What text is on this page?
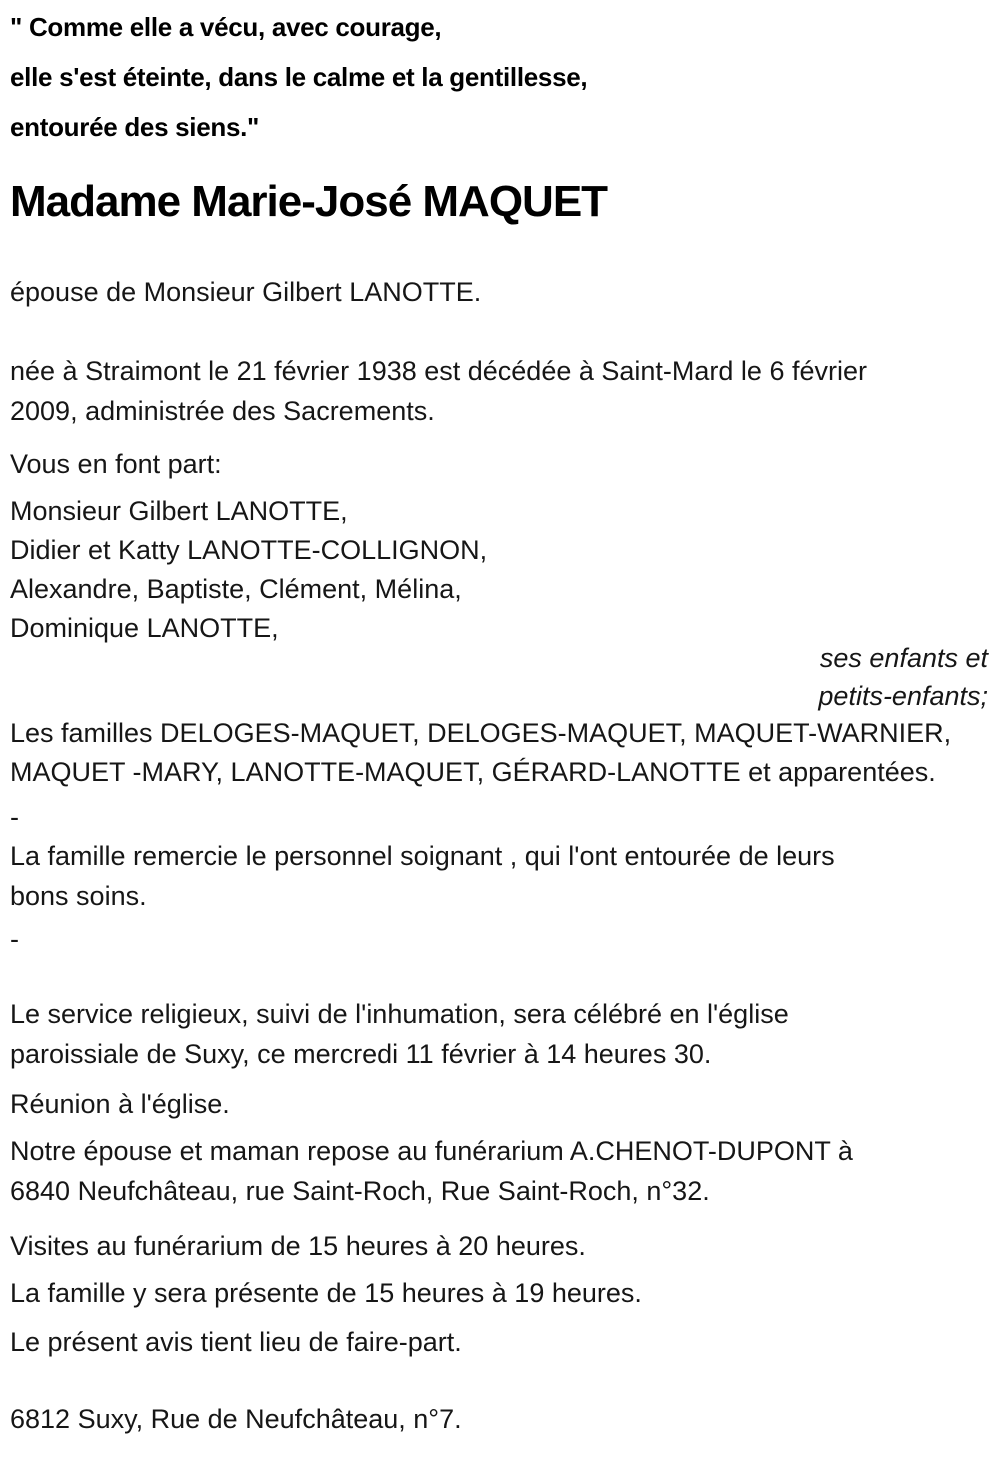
" Comme elle a vécu, avec courage,
elle s'est éteinte, dans le calme et la gentillesse,
entourée des siens."
Madame Marie-José MAQUET
épouse de Monsieur Gilbert LANOTTE.
née à Straimont le 21 février 1938 est décédée à Saint-Mard le 6 février
2009, administrée des Sacrements.
Vous en font part:
Monsieur Gilbert LANOTTE,
Didier et Katty LANOTTE-COLLIGNON,
Alexandre, Baptiste, Clément, Mélina,
Dominique LANOTTE,
ses enfants et
petits-enfants;
Les familles DELOGES-MAQUET, DELOGES-MAQUET, MAQUET-WARNIER,
MAQUET -MARY, LANOTTE-MAQUET, GÉRARD-LANOTTE et apparentées.
-
La famille remercie le personnel soignant , qui l'ont entourée de leurs
bons soins.
-
Le service religieux, suivi de l'inhumation, sera célébré en l'église
paroissiale de Suxy, ce mercredi 11 février à 14 heures 30.
Réunion à l'église.
Notre épouse et maman repose au funérarium A.CHENOT-DUPONT à
6840 Neufchâteau, rue Saint-Roch, Rue Saint-Roch, n°32.
Visites au funérarium de 15 heures à 20 heures.
La famille y sera présente de 15 heures à 19 heures.
Le présent avis tient lieu de faire-part.
6812 Suxy, Rue de Neufchâteau, n°7.
